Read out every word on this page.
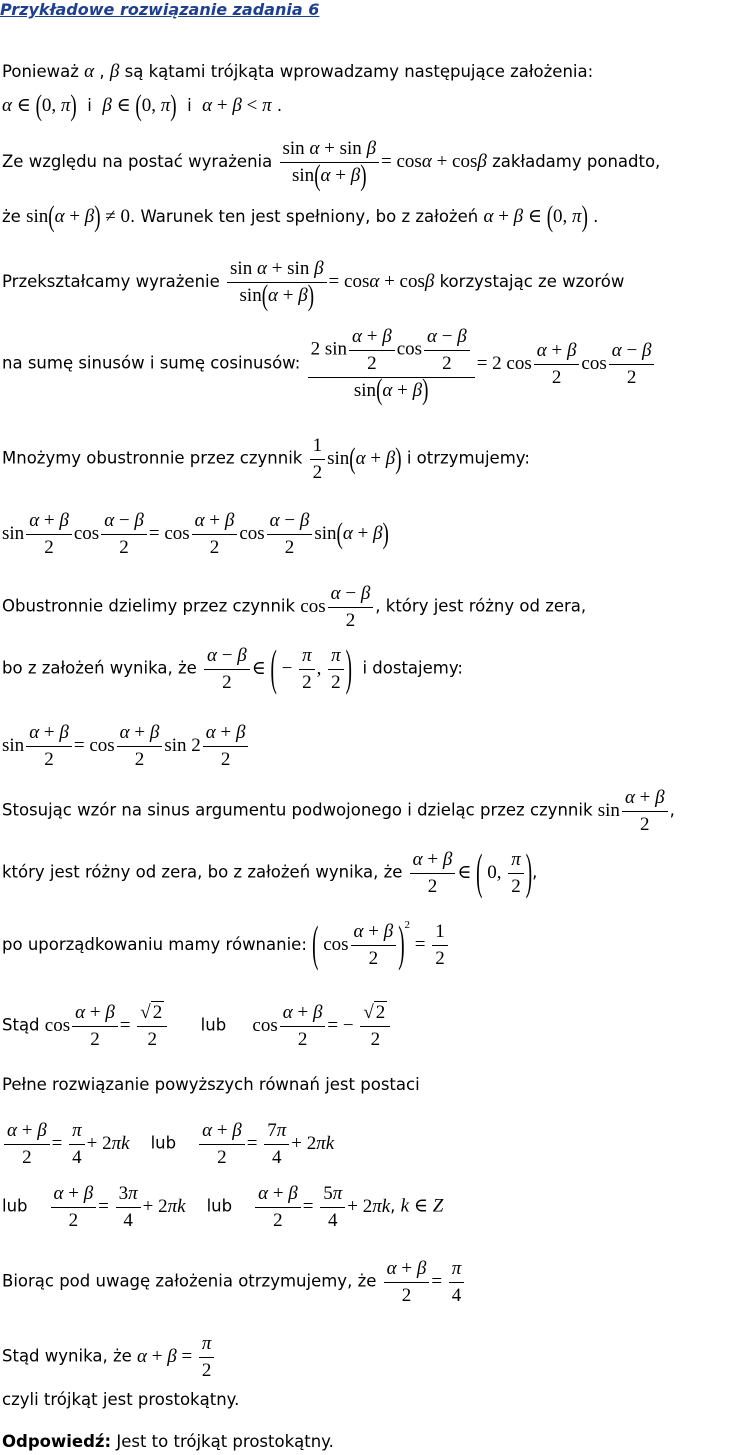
Przykładowe rozwiązanie zadania 6
Ponieważ α , β są kątami trójkąta wprowadzamy następujące założenia:
α ∈ (0, π) i β ∈ (0, π) i α + β < π .
Ze względu na postać wyrażenia $\frac{\text{sin α + sin β}}{\sin(\alpha + \beta)} = \cos\alpha + \cos\beta$ zakładamy ponadto,
że sin(α + β) ≠ 0. Warunek ten jest spełniony, bo z założeń α + β ∈ (0, π) .
Przekształcamy wyrażenie $\frac{\text{sin α + sin β}}{\sin(\alpha + \beta)} = \cos\alpha + \cos\beta$ korzystając ze wzorów
na sumę sinusów i sumę cosinusów: $\frac{2 \sin \frac{\alpha + \beta}{2} \cos \frac{\alpha - \beta}{2}}{\sin(\alpha + \beta)} = 2$ $\cos \frac{\alpha + \beta}{2}$ $\cos \frac{\alpha - \beta}{2}$
Mnożymy obustronnie przez czynnik $\frac{1}{2} \sin(\alpha + \beta)$ i otrzymujemy:
$\sin \frac{\alpha + \beta}{2}$ $\cos \frac{\alpha - \beta}{2} = \cos \frac{\alpha + \beta}{2}$ $\cos \frac{\alpha - \beta}{2} \sin(\alpha + \beta)$
Obustronnie dzielimy przez czynnik $\cos \frac{\alpha - \beta}{2}$ , który jest różny od zera,
bo z założeń wynika, że $\frac{\alpha - \beta}{2}$ ∈ ( − $\frac{\pi}{2}$ , $\frac{\pi}{2}$ ) i dostajemy:
$\sin \frac{\alpha + \beta}{2} = \cos \frac{\alpha + \beta}{2}$ $\sin 2 \frac{\alpha + \beta}{2}$
Stosując wzór na sinus argumentu podwojonego i dzieląc przez czynnik $\sin \frac{\alpha + \beta}{2}$ ,
który jest różny od zera, bo z założeń wynika, że $\frac{\alpha + \beta}{2}$ ∈ ( 0, $\frac{\pi}{2}$ ),
po uporządkowaniu mamy równanie: ( $\cos \frac{\alpha + \beta}{2} )^2 = \frac{1}{2}$
Stąd $\cos \frac{\alpha + \beta}{2} = \frac{√ 2}{2}$ lub $\cos \frac{\alpha + \beta}{2}$ = − $\frac{√ 2}{2}$
Pełne rozwiązanie powyższych równań jest postaci
$\frac{\alpha + \beta}{2} = \frac{\pi}{4} + 2\pi k$ lub $\frac{\alpha + \beta}{2} = \frac{7\pi}{4} + 2\pi k$
lub $\frac{\alpha + \beta}{2} = \frac{3\pi}{4} + 2\pi k$ lub $\frac{\alpha + \beta}{2} = \frac{5\pi}{4} + 2\pi k$, k ∈ Z
Biorąc pod uwagę założenia otrzymujemy, że $\frac{\alpha + \beta}{2} = \frac{\pi}{4}$
Stąd wynika, że $\alpha + \beta = \frac{\pi}{2}$
czyli trójkąt jest prostokątny.
Odpowiedź: Jest to trójkąt prostokątny.
